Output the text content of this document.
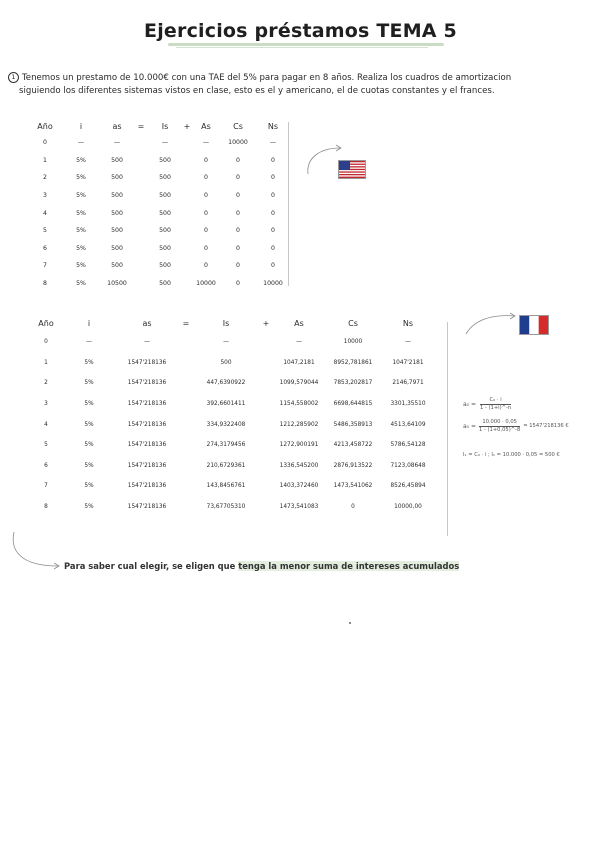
Ejercicios préstamos TEMA 5
1 Tenemos un prestamo de 10.000€ con una TAE del 5% para pagar en 8 años. Realiza los cuadros de amortizacion
siguiendo los diferentes sistemas vistos en clase, esto es el y americano, el de cuotas constantes y el frances.
Año	i	as	=	Is	+	As	Cs	Ns
0	—	—		—		—	10000	—
1	5%	500		500		0	0	0
2	5%	500		500		0	0	0
3	5%	500		500		0	0	0
4	5%	500		500		0	0	0
5	5%	500		500		0	0	0
6	5%	500		500		0	0	0
7	5%	500		500		0	0	0
8	5%	10500		500		10000	0	10000
Año	i	as	=	Is	+	As	Cs	Ns
0	—	—		—		—	10000	—
1	5%	1547'218136		500		1047,2181	8952,781861	1047'2181
2	5%	1547'218136		447,6390922		1099,579044	7853,202817	2146,7971
3	5%	1547'218136		392,6601411		1154,558002	6698,644815	3301,35510
4	5%	1547'218136		334,9322408		1212,285902	5486,358913	4513,64109
5	5%	1547'218136		274,3179456		1272,900191	4213,458722	5786,54128
6	5%	1547'218136		210,6729361		1336,545200	2876,913522	7123,08648
7	5%	1547'218136		143,8456761		1403,372460	1473,541062	8526,45894
8	5%	1547'218136		73,67705310		1473,541083	0	10000,00
$a_0 = \frac{\text{C₀ · i}}{1 - (1+i)\^{}-n}$
$a_0 = \frac{10.000 \cdot 0,05}{1 - (1+0,05)\^{}-8} = 1547'218136$ €
I₁ = C₀ · i ; I₁ = 10.000 · 0,05 = 500 €
Para saber cual elegir, se eligen que tenga la menor suma de intereses acumulados
